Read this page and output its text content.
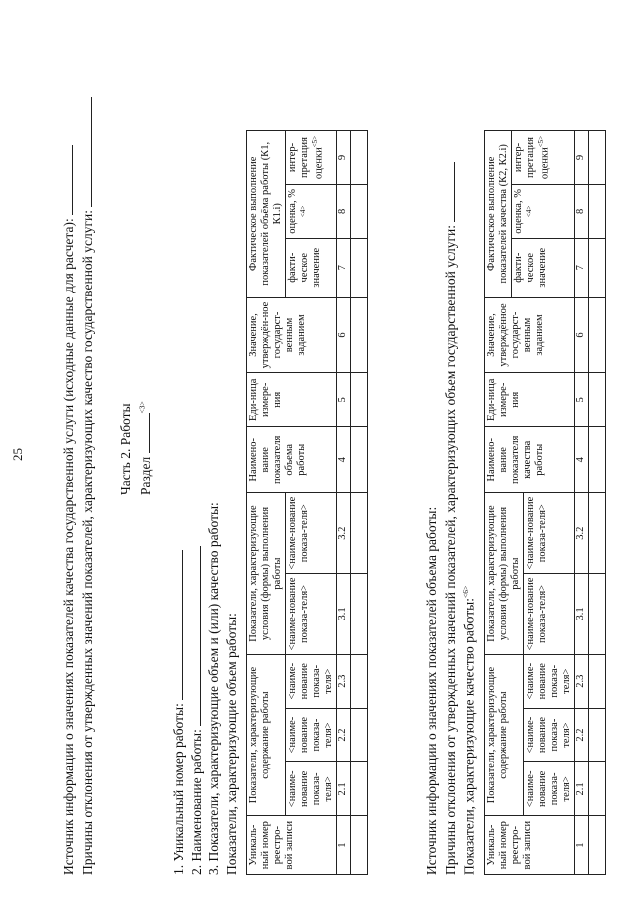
25	Источник информации о значениях показателей качества государственной услуги (исходные данные для расчета): Причины отклонения от утвержденных значений показателей, характеризующих качество государственной услуги: Часть 2. Работы Раздел $^{<3>}$
1. Уникальный номер работы: 2. Наименование работы: 3. Показатели, характеризующие объем и (или) качество работы: Показатели, характеризующие объем работы: Уникаль-ный номер реестро-вой записи	Показатели, характеризующие содержание работы			Показатели, характеризующие условия (формы) выполнения работы		Наимено-вание показателя объема работы	Еди-ница измере-ния	Значение, утверждён-ное государст-венным заданием	Фактическое выполнение показателей объёма работы (К1, К1.i)		
									факти-ческое значение	оценка, %$^{<4>}$	интер-претация оценки$^{<5>}$
	<наиме-нование показа-теля>	<наиме-нование показа-теля>	<наиме-нование показа-теля>	<наиме-нование показа-теля>	<наиме-нование показа-теля>						
1	2.1	2.2	2.3	3.1	3.2	4	5	6	7	8	9

Источник информации о значениях показателей объема работы: Причины отклонения от утвержденных значений показателей, характеризующих объем государственной услуги: Показатели, характеризующие качество работы:$^{<6>}$
Уникаль-ный номер реестро-вой записи	Показатели, характеризующие содержание работы			Показатели, характеризующие условия (формы) выполнения работы		Наимено-вание показателя качества работы	Еди-ница измере-ния	Значение, утверждённое государст-венным заданием	Фактическое выполнение показателей качества (К2, К2.i)		
									факти-ческое значение	оценка, %$^{<4>}$	интер-претация оценки$^{<5>}$
	<наиме-нование показа-теля>	<наиме-нование показа-теля>	<наиме-нование показа-теля>	<наиме-нование показа-теля>	<наиме-нование показа-теля>						
1	2.1	2.2	2.3	3.1	3.2	4	5	6	7	8	9
